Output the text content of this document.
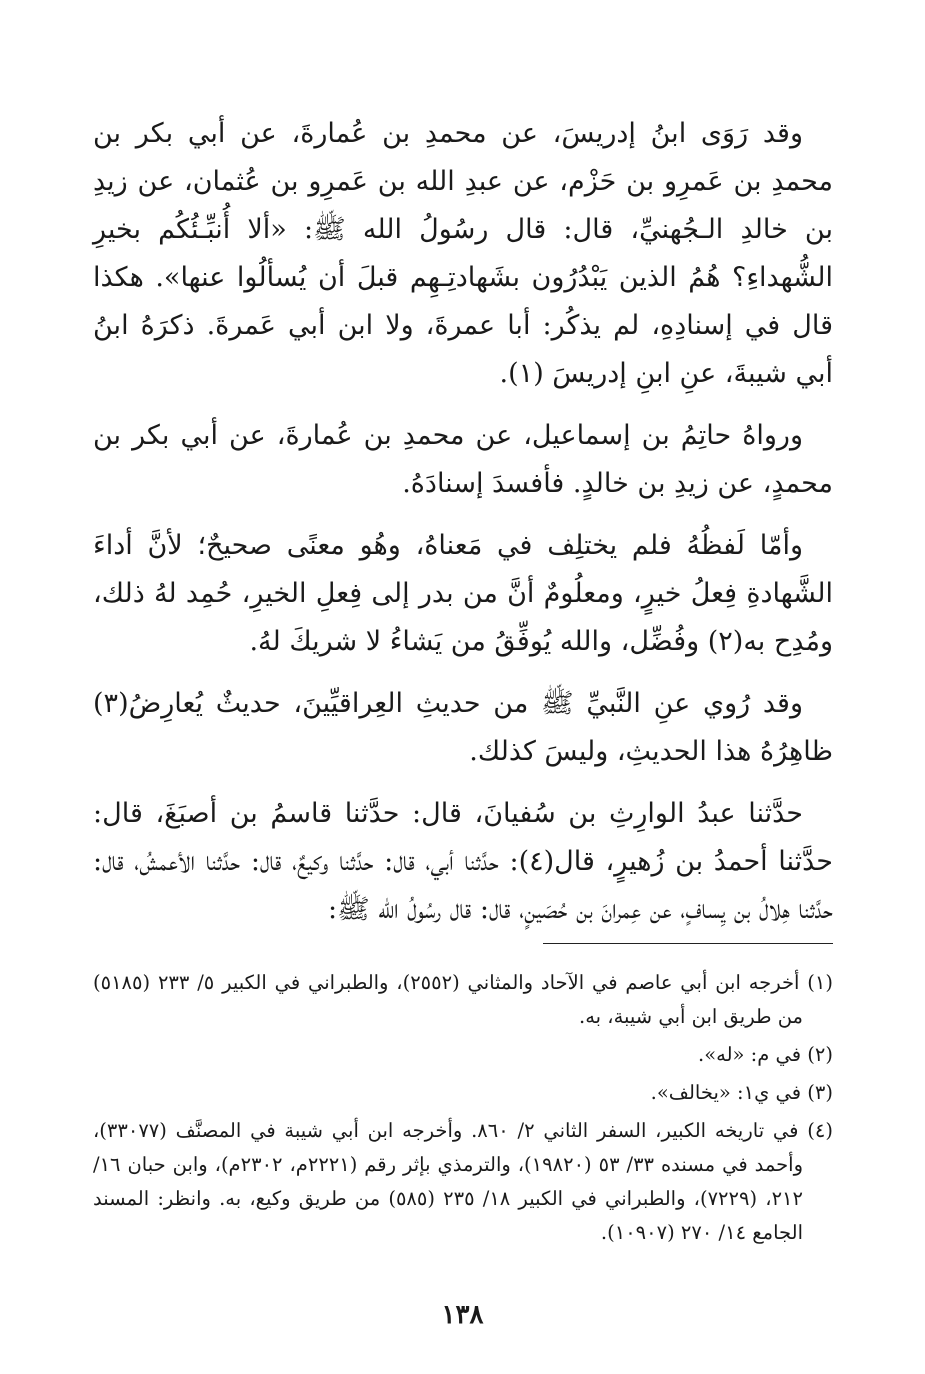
وقد رَوَى ابنُ إدريسَ، عن محمدِ بن عُمارةَ، عن أبي بكر بن محمدِ بن عَمرِو بن حَزْم، عن عبدِ الله بن عَمرِو بن عُثمان، عن زيدِ بن خالدِ الـجُهنيِّ، قال: قال رسُولُ الله ﷺ: «ألا أُنبِّـئُكُم بخيرِ الشُّهداءِ؟ هُمُ الذين يَبْدُرُون بشَهادتِـهِم قبلَ أن يُسألُوا عنها». هكذا قال في إسنادِهِ، لم يذكُر: أبا عمرةَ، ولا ابن أبي عَمرةَ. ذكرَهُ ابنُ أبي شيبةَ، عنِ ابنِ إدريسَ (١).

ورواهُ حاتِمُ بن إسماعيل، عن محمدِ بن عُمارةَ، عن أبي بكر بن محمدٍ، عن زيدِ بن خالدٍ. فأفسدَ إسنادَهُ.

وأمّا لَفظُهُ فلم يختلِف في مَعناهُ، وهُو معنًى صحيحٌ؛ لأنَّ أداءَ الشَّهادةِ فِعلُ خيرٍ، ومعلُومٌ أنَّ من بدر إلى فِعلِ الخيرِ، حُمِد لهُ ذلك، ومُدِح به(٢) وفُضِّل، والله يُوفِّقُ من يَشاءُ لا شريكَ لهُ.

وقد رُوي عنِ النَّبيِّ ﷺ من حديثِ العِراقيِّينَ، حديثٌ يُعارِضُ(٣) ظاهِرُهُ هذا الحديثِ، وليسَ كذلك.

حدَّثنا عبدُ الوارِثِ بن سُفيانَ، قال: حدَّثنا قاسمُ بن أصبَغَ، قال: حدَّثنا أحمدُ بن زُهيرٍ، قال(٤): حدَّثنا أبي، قال: حدَّثنا وكيعٌ، قال: حدَّثنا الأعمشُ، قال: حدَّثنا هِلالُ بن يِسافٍ، عن عِمرانَ بن حُصَينٍ، قال: قال رسُولُ الله ﷺ:

(١) أخرجه ابن أبي عاصم في الآحاد والمثاني (٢٥٥٢)، والطبراني في الكبير ٥/ ٢٣٣ (٥١٨٥) من طريق ابن أبي شيبة، به.
(٢) في م: «له».
(٣) في ي١: «يخالف».
(٤) في تاريخه الكبير، السفر الثاني ٢/ ٨٦٠. وأخرجه ابن أبي شيبة في المصنَّف (٣٣٠٧٧)، وأحمد في مسنده ٣٣/ ٥٣ (١٩٨٢٠)، والترمذي بإثر رقم (٢٢٢١م، ٢٣٠٢م)، وابن حبان ١٦/ ٢١٢، (٧٢٢٩)، والطبراني في الكبير ١٨/ ٢٣٥ (٥٨٥) من طريق وكيع، به. وانظر: المسند الجامع ١٤/ ٢٧٠ (١٠٩٠٧).
١٣٨
